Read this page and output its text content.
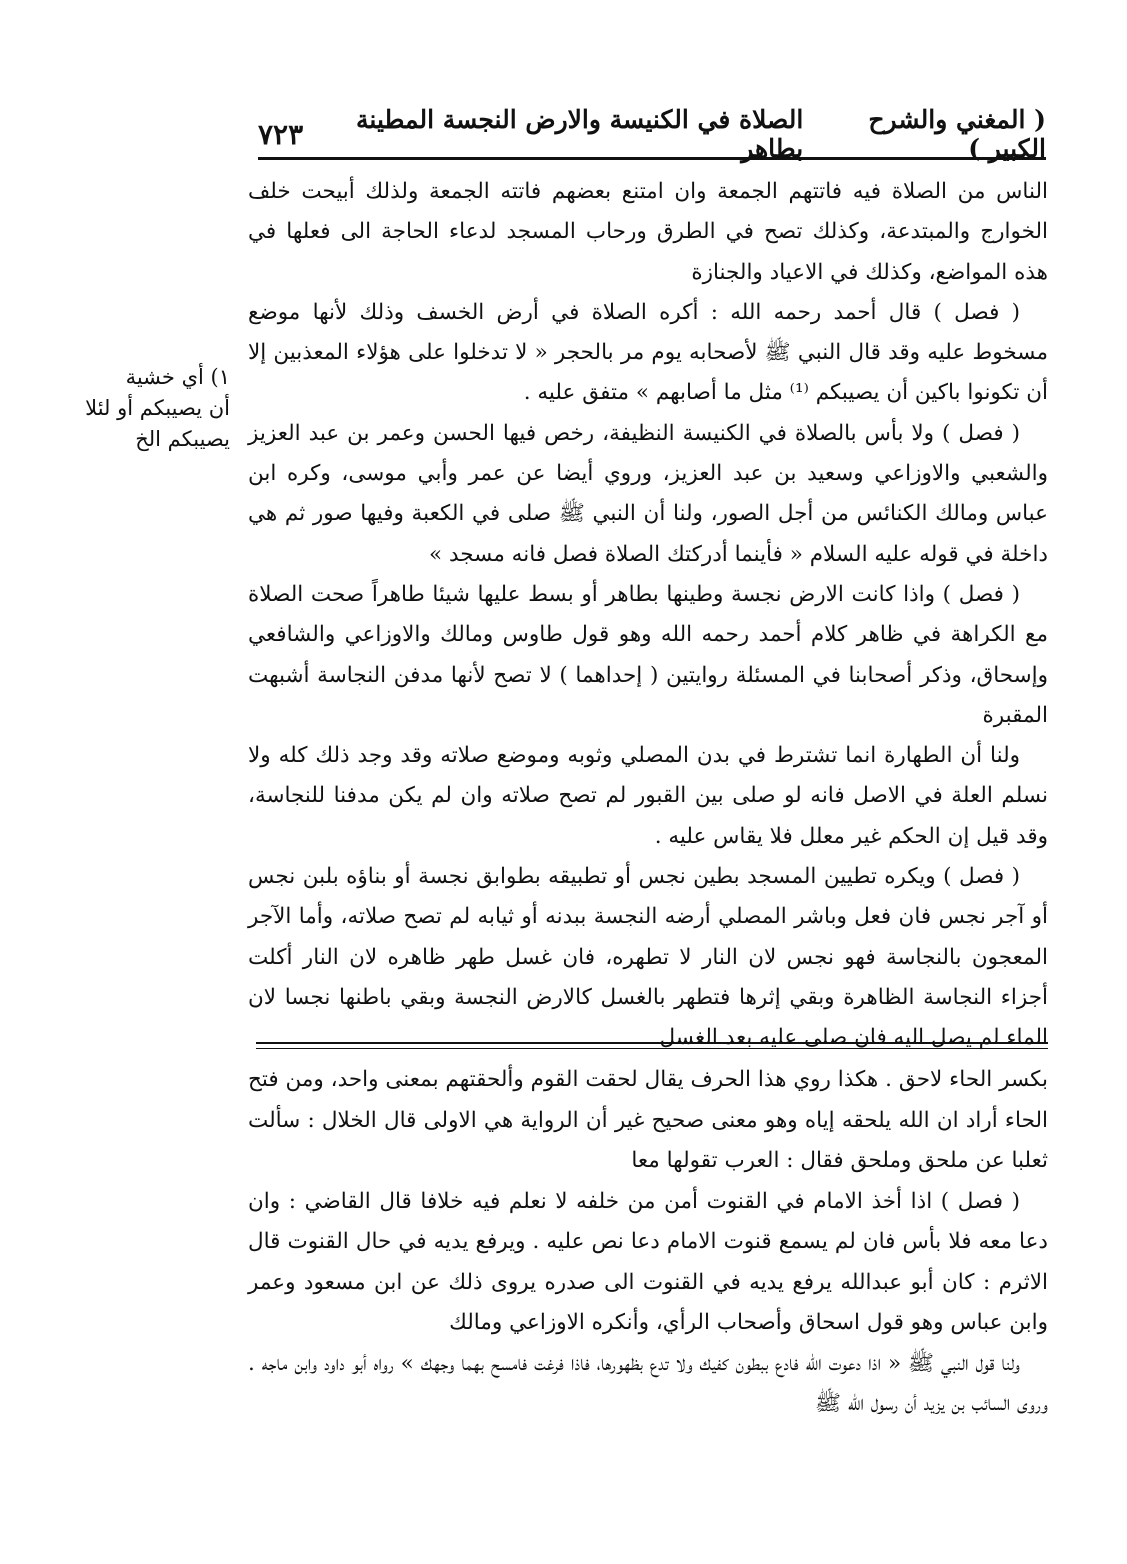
( المغني والشرح الكبير )
الصلاة في الكنيسة والارض النجسة المطينة بطاهر
٧٢٣

الناس من الصلاة فيه فاتتهم الجمعة وان امتنع بعضهم فاتته الجمعة ولذلك أبيحت خلف الخوارج والمبتدعة، وكذلك تصح في الطرق ورحاب المسجد لدعاء الحاجة الى فعلها في هذه المواضع، وكذلك في الاعياد والجنازة

( فصل ) قال أحمد رحمه الله : أكره الصلاة في أرض الخسف وذلك لأنها موضع مسخوط عليه وقد قال النبي ﷺ لأصحابه يوم مر بالحجر « لا تدخلوا على هؤلاء المعذبين إلا أن تكونوا باكين أن يصيبكم ⁽¹⁾ مثل ما أصابهم » متفق عليه .

( فصل ) ولا بأس بالصلاة في الكنيسة النظيفة، رخص فيها الحسن وعمر بن عبد العزيز والشعبي والاوزاعي وسعيد بن عبد العزيز، وروي أيضا عن عمر وأبي موسى، وكره ابن عباس ومالك الكنائس من أجل الصور، ولنا أن النبي ﷺ صلى في الكعبة وفيها صور ثم هي داخلة في قوله عليه السلام « فأينما أدركتك الصلاة فصل فانه مسجد »

( فصل ) واذا كانت الارض نجسة وطينها بطاهر أو بسط عليها شيئا طاهراً صحت الصلاة مع الكراهة في ظاهر كلام أحمد رحمه الله وهو قول طاوس ومالك والاوزاعي والشافعي وإسحاق، وذكر أصحابنا في المسئلة روايتين ( إحداهما ) لا تصح لأنها مدفن النجاسة أشبهت المقبرة

ولنا أن الطهارة انما تشترط في بدن المصلي وثوبه وموضع صلاته وقد وجد ذلك كله ولا نسلم العلة في الاصل فانه لو صلى بين القبور لم تصح صلاته وان لم يكن مدفنا للنجاسة، وقد قيل إن الحكم غير معلل فلا يقاس عليه .

( فصل ) ويكره تطيين المسجد بطين نجس أو تطبيقه بطوابق نجسة أو بناؤه بلبن نجس أو آجر نجس فان فعل وباشر المصلي أرضه النجسة ببدنه أو ثيابه لم تصح صلاته، وأما الآجر المعجون بالنجاسة فهو نجس لان النار لا تطهره، فان غسل طهر ظاهره لان النار أكلت أجزاء النجاسة الظاهرة وبقي إثرها فتطهر بالغسل كالارض النجسة وبقي باطنها نجسا لان الماء لم يصل اليه فان صلى عليه بعد الغسل

١) أي خشية

أن يصيبكم أو لئلا

يصيبكم الخ

بكسر الحاء لاحق . هكذا روي هذا الحرف يقال لحقت القوم وألحقتهم بمعنى واحد، ومن فتح الحاء أراد ان الله يلحقه إياه وهو معنى صحيح غير أن الرواية هي الاولى قال الخلال : سألت ثعلبا عن ملحق وملحق فقال : العرب تقولها معا

( فصل ) اذا أخذ الامام في القنوت أمن من خلفه لا نعلم فيه خلافا قال القاضي : وان دعا معه فلا بأس فان لم يسمع قنوت الامام دعا نص عليه . ويرفع يديه في حال القنوت قال الاثرم : كان أبو عبدالله يرفع يديه في القنوت الى صدره يروى ذلك عن ابن مسعود وعمر وابن عباس وهو قول اسحاق وأصحاب الرأي، وأنكره الاوزاعي ومالك

ولنا قول النبي ﷺ « اذا دعوت الله فادع ببطون كفيك ولا تدع بظهورها، فاذا فرغت فامسح بهما وجهك » رواه أبو داود وابن ماجه . وروى السائب بن يزيد أن رسول الله ﷺ
